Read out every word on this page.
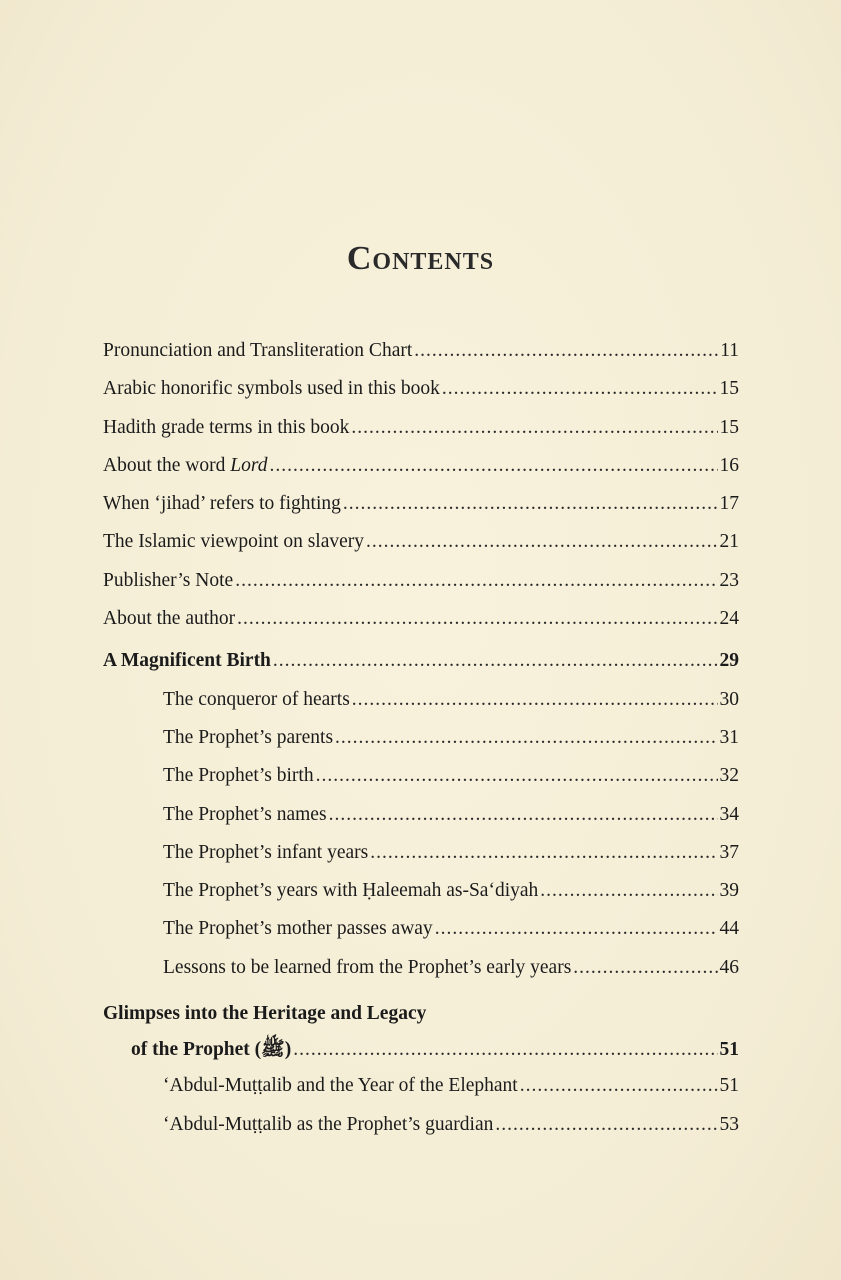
Contents
Pronunciation and Transliteration Chart .....	11
Arabic honorific symbols used in this book .....	15
Hadith grade terms in this book .....	15
About the word Lord .....	16
When ‘jihad’ refers to fighting .....	17
The Islamic viewpoint on slavery .....	21
Publisher’s Note .....	23
About the author .....	24
A Magnificent Birth .....	29
The conqueror of hearts .....	30
The Prophet’s parents .....	31
The Prophet’s birth .....	32
The Prophet’s names .....	34
The Prophet’s infant years .....	37
The Prophet’s years with Ḥaleemah as-Sa‘diyah .....	39
The Prophet’s mother passes away .....	44
Lessons to be learned from the Prophet’s early years .....	46
Glimpses into the Heritage and Legacy
of the Prophet (ﷺ) .....	51
‘Abdul-Muṭṭalib and the Year of the Elephant .....	51
‘Abdul-Muṭṭalib as the Prophet’s guardian .....	53
